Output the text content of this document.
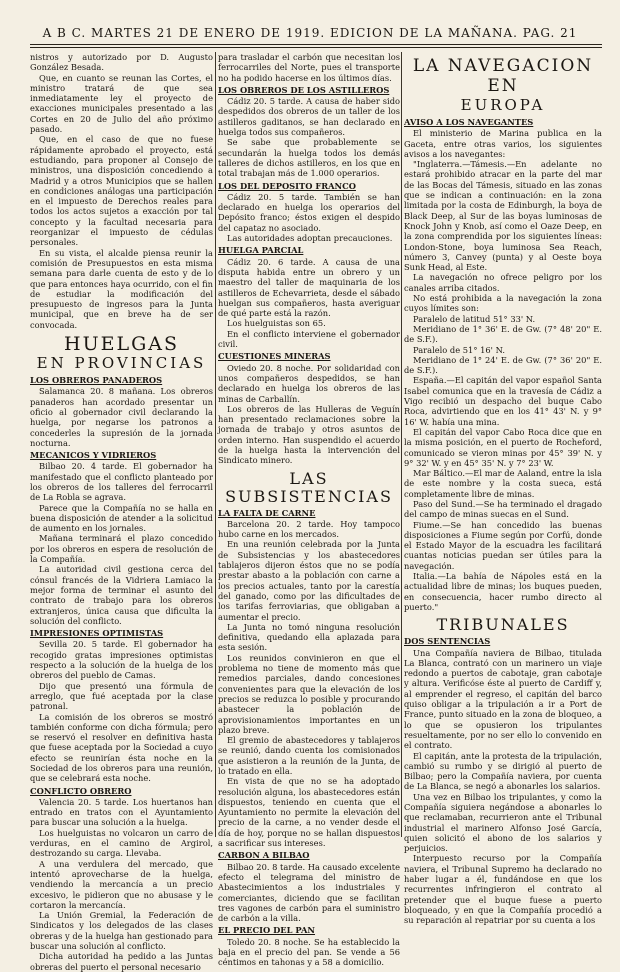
A B C. MARTES 21 DE ENERO DE 1919. EDICION DE LA MAÑANA. PAG. 21

nistros y autorizado por D. Augusto González Besada.

Que, en cuanto se reunan las Cortes, el ministro tratará de que sea inmediatamente ley el proyecto de exacciones municipales presentado a las Cortes en 20 de Julio del año próximo pasado.

Que, en el caso de que no fuese rápidamente aprobado el proyecto, está estudiando, para proponer al Consejo de ministros, una disposición concediendo a Madrid y a otros Municipios que se hallen en condiciones análogas una participación en el impuesto de Derechos reales para todos los actos sujetos a exacción por tal concepto y la facultad necesaria para reorganizar el impuesto de cédulas personales.

En su vista, el alcalde piensa reunir la comisión de Presupuestos en esta misma semana para darle cuenta de esto y de lo que para entonces haya ocurrido, con el fin de estudiar la modificación del presupuesto de ingresos para la Junta municipal, que en breve ha de ser convocada.

HUELGAS
EN PROVINCIAS
LOS OBREROS PANADEROS

Salamanca 20. 8 mañana. Los obreros panaderos han acordado presentar un oficio al gobernador civil declarando la huelga, por negarse los patronos a concederles la supresión de la jornada nocturna.

MECANICOS Y VIDRIEROS

Bilbao 20. 4 tarde. El gobernador ha manifestado que el conflicto planteado por los obreros de los talleres del ferrocarril de La Robla se agrava.

Parece que la Compañía no se halla en buena disposición de atender a la solicitud de aumento en los jornales.

Mañana terminará el plazo concedido por los obreros en espera de resolución de la Compañía.

La autoridad civil gestiona cerca del cónsul francés de la Vidriera Lamiaco la mejor forma de terminar el asunto del contrato de trabajo para los obreros extranjeros, única causa que dificulta la solución del conflicto.

IMPRESIONES OPTIMISTAS

Sevilla 20. 5 tarde. El gobernador ha recogido gratas impresiones optimistas respecto a la solución de la huelga de los obreros del pueblo de Camas.

Dijo que presentó una fórmula de arreglo, que fué aceptada por la clase patronal.

La comisión de los obreros se mostró también conforme con dicha fórmula; pero se reservó el resolver en definitiva hasta que fuese aceptada por la Sociedad a cuyo efecto se reunirían ésta noche en la Sociedad de los obreros para una reunión, que se celebrará esta noche.

CONFLICTO OBRERO

Valencia 20. 5 tarde. Los huertanos han entrado en tratos con el Ayuntamiento para buscar una solución a la huelga.

Los huelguistas no volcaron un carro de verduras, en el camino de Argirol, destrozando su carga. Llevaba.

A una verdulera del mercado, que intentó aprovecharse de la huelga, vendiendo la mercancía a un precio excesivo, le pidieron que no abusase y le cortaron la mercancía.

La Unión Gremial, la Federación de Sindicatos y los delegados de las clases obreras y de la huelga han gestionado para buscar una solución al conflicto.

Dicha autoridad ha pedido a las Juntas obreras del puerto el personal necesario

para trasladar el carbón que necesitan los ferrocarriles del Norte, pues el transporte no ha podido hacerse en los últimos días.

LOS OBREROS DE LOS ASTILLEROS

Cádiz 20. 5 tarde. A causa de haber sido despedidos dos obreros de un taller de los astilleros gaditanos, se han declarado en huelga todos sus compañeros.

Se sabe que probablemente se secundarán la huelga todos los demás talleres de dichos astilleros, en los que en total trabajan más de 1.000 operarios.

LOS DEL DEPOSITO FRANCO

Cádiz 20. 5 tarde. También se han declarado en huelga los operarios del Depósito franco; éstos exigen el despido del capataz no asociado.

Las autoridades adoptan precauciones.

HUELGA PARCIAL

Cádiz 20. 6 tarde. A causa de una disputa habida entre un obrero y un maestro del taller de maquinaria de los astilleros de Echevarrieta, desde el sábado huelgan sus compañeros, hasta averiguar de qué parte está la razón.

Los huelguistas son 65.

En el conflicto interviene el gobernador civil.

CUESTIONES MINERAS

Oviedo 20. 8 noche. Por solidaridad con unos compañeros despedidos, se han declarado en huelga los obreros de las minas de Carballín.

Los obreros de las Hulleras de Veguín han presentado reclamaciones sobre la jornada de trabajo y otros asuntos de orden interno. Han suspendido el acuerdo de la huelga hasta la intervención del Sindicato minero.

LAS SUBSISTENCIAS
LA FALTA DE CARNE

Barcelona 20. 2 tarde. Hoy tampoco hubo carne en los mercados.

En una reunión celebrada por la Junta de Subsistencias y los abastecedores tablajeros dijeron éstos que no se podía prestar abasto a la población con carne a los precios actuales, tanto por la carestía del ganado, como por las dificultades de los tarifas ferroviarias, que obligaban a aumentar el precio.

La Junta no tomó ninguna resolución definitiva, quedando ella aplazada para esta sesión.

Los reunidos convinieron en que el problema no tiene de momento más que remedios parciales, dando concesiones convenientes para que la elevación de los precios se reduzca lo posible y procurando abastecer la población de aprovisionamientos importantes en un plazo breve.

El gremio de abastecedores y tablajeros se reunió, dando cuenta los comisionados que asistieron a la reunión de la Junta, de lo tratado en ella.

En vista de que no se ha adoptado resolución alguna, los abastecedores están dispuestos, teniendo en cuenta que el Ayuntamiento no permite la elevación del precio de la carne, a no vender desde el día de hoy, porque no se hallan dispuestos a sacrificar sus intereses.

CARBON A BILBAO

Bilbao 20. 8 tarde. Ha causado excelente efecto el telegrama del ministro de Abastecimientos a los industriales y comerciantes, diciendo que se facilitan tres vagones de carbón para el suministro de carbón a la villa.

EL PRECIO DEL PAN

Toledo 20. 8 noche. Se ha establecido la baja en el precio del pan. Se vende a 56 céntimos en tahonas y a 58 a domicilio.

LA NAVEGACION EN
EUROPA
AVISO A LOS NAVEGANTES

El ministerio de Marina publica en la Gaceta, entre otras varios, los siguientes avisos a los navegantes:

"Inglaterra.—Támesis.—En adelante no estará prohibido atracar en la parte del mar de las Bocas del Támesis, situado en las zonas que se indican a continuación: en la zona limitada por la costa de Edinburgh, la boya de Black Deep, al Sur de las boyas luminosas de Knock John y Knob, así como el Oaze Deep, en la zona comprendida por los siguientes líneas: London-Stone, boya luminosa Sea Reach, número 3, Canvey (punta) y al Oeste boya Sunk Head, al Este.

La navegación no ofrece peligro por los canales arriba citados.

No está prohibida a la navegación la zona cuyos límites son:

Paralelo de latitud 51° 33' N.

Meridiano de 1° 36' E. de Gw. (7° 48' 20" E. de S.F.).

Paralelo de 51° 16' N.

Meridiano de 1° 24' E. de Gw. (7° 36' 20" E. de S.F.).

España.—El capitán del vapor español Santa Isabel comunica que en la travesía de Cádiz a Vigo recibió un despacho del buque Cabo Roca, advirtiendo que en los 41° 43' N. y 9° 16' W. había una mina.

El capitán del vapor Cabo Roca dice que en la misma posición, en el puerto de Rocheford, comunicado se vieron minas por 45° 39' N. y 9° 32' W. y en 45° 35' N. y 7° 23' W.

Mar Báltico.—El mar de Aaland, entre la isla de este nombre y la costa sueca, está completamente libre de minas.

Paso del Sund.—Se ha terminado el dragado del campo de minas suecas en el Sund.

Fiume.—Se han concedido las buenas disposiciones a Fiume según por Corfú, donde el Estado Mayor de la escuadra les facilitará cuantas noticias puedan ser útiles para la navegación.

Italia.—La bahía de Nápoles está en la actualidad libre de minas; los buques pueden, en consecuencia, hacer rumbo directo al puerto."

TRIBUNALES
DOS SENTENCIAS

Una Compañía naviera de Bilbao, titulada La Blanca, contrató con un marinero un viaje redondo a puertos de cabotaje, gran cabotaje y altura. Verificóse éste al puerto de Cardiff y, al emprender el regreso, el capitán del barco quiso obligar a la tripulación a ir a Port de France, punto situado en la zona de bloqueo, a lo que se opusieron los tripulantes resueltamente, por no ser ello lo convenido en el contrato.

El capitán, ante la protesta de la tripulación, cambió su rumbo y se dirigió al puerto de Bilbao; pero la Compañía naviera, por cuenta de La Blanca, se negó a abonarles los salarios.

Una vez en Bilbao los tripulantes, y como la Compañía siguiera negándose a abonarles lo que reclamaban, recurrieron ante el Tribunal industrial el marinero Alfonso José García, quien solicitó el abono de los salarios y perjuicios.

Interpuesto recurso por la Compañía naviera, el Tribunal Supremo ha declarado no haber lugar a él, fundándose en que los recurrentes infringieron el contrato al pretender que el buque fuese a puerto bloqueado, y en que la Compañía procedió a su reparación al repatriar por su cuenta a los
